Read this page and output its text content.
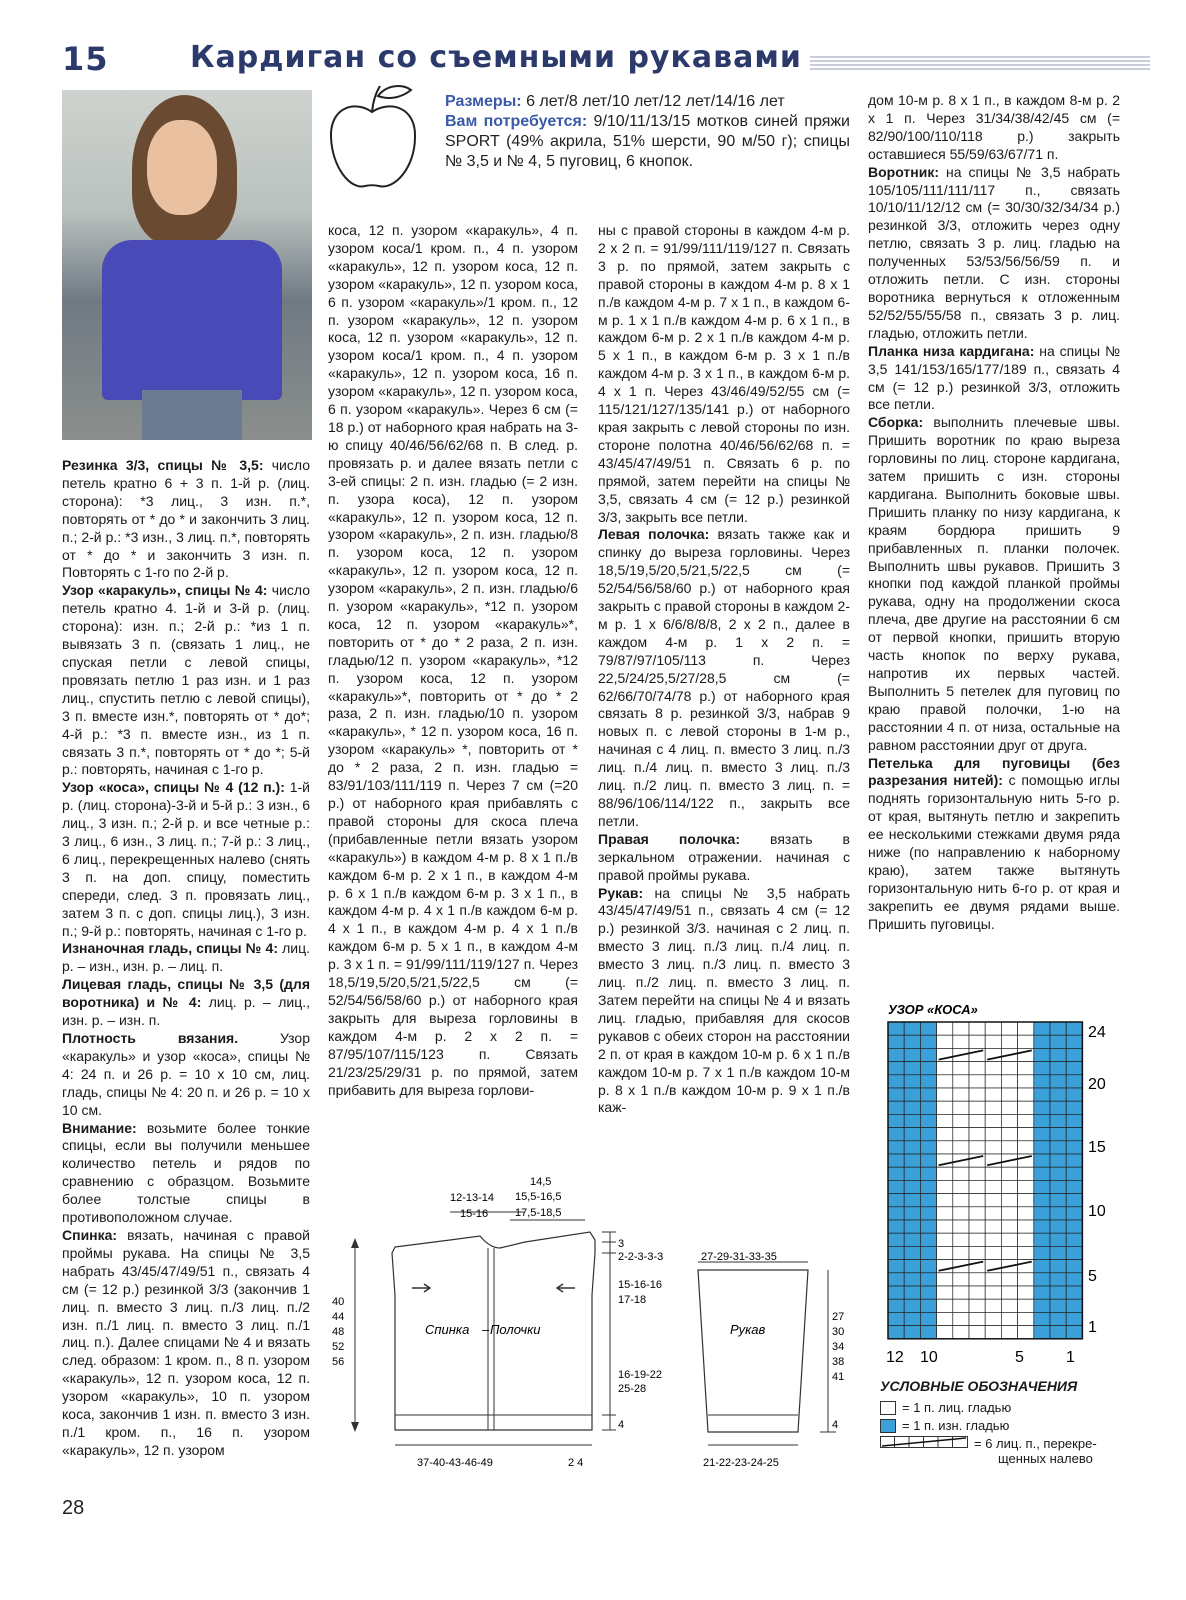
15	Кардиган со съемными рукавами
Размеры: 6 лет/8 лет/10 лет/12 лет/14/16 лет
Вам потребуется: 9/10/11/13/15 мотков синей пряжи SPORT (49% акрила, 51% шерсти, 90 м/50 г); спицы № 3,5 и № 4, 5 пуговиц, 6 кнопок.

Резинка 3/3, спицы № 3,5: число петель кратно 6 + 3 п. 1-й р. (лиц. сторона): *3 лиц., 3 изн. п.*, повторять от * до * и закончить 3 лиц. п.; 2-й р.: *3 изн., 3 лиц. п.*, повторять от * до * и закончить 3 изн. п. Повторять с 1-го по 2-й р.

Узор «каракуль», спицы № 4: число петель кратно 4. 1-й и 3-й р. (лиц. сторона): изн. п.; 2-й р.: *из 1 п. вывязать 3 п. (связать 1 лиц., не спуская петли с левой спицы, провязать петлю 1 раз изн. и 1 раз лиц., спустить петлю с левой спицы), 3 п. вместе изн.*, повторять от * до*; 4-й р.: *3 п. вместе изн., из 1 п. связать 3 п.*, повторять от * до *; 5-й р.: повторять, начиная с 1-го р.

Узор «коса», спицы № 4 (12 п.): 1-й р. (лиц. сторона)-3-й и 5-й р.: 3 изн., 6 лиц., 3 изн. п.; 2-й р. и все четные р.: 3 лиц., 6 изн., 3 лиц. п.; 7-й р.: 3 лиц., 6 лиц., перекрещенных налево (снять 3 п. на доп. спицу, поместить спереди, след. 3 п. провязать лиц., затем 3 п. с доп. спицы лиц.), 3 изн. п.; 9-й р.: повторять, начиная с 1-го р.

Изнаночная гладь, спицы № 4: лиц. р. – изн., изн. р. – лиц. п.

Лицевая гладь, спицы № 3,5 (для воротника) и № 4: лиц. р. – лиц., изн. р. – изн. п.

Плотность вязания. Узор «каракуль» и узор «коса», спицы № 4: 24 п. и 26 р. = 10 х 10 см, лиц. гладь, спицы № 4: 20 п. и 26 р. = 10 х 10 см.

Внимание: возьмите более тонкие спицы, если вы получили меньшее количество петель и рядов по сравнению с образцом. Возьмите более толстые спицы в противоположном случае.

Спинка: вязать, начиная с правой проймы рукава. На спицы № 3,5 набрать 43/45/47/49/51 п., связать 4 см (= 12 р.) резинкой 3/3 (закончив 1 лиц. п. вместо 3 лиц. п./3 лиц. п./2 изн. п./1 лиц. п. вместо 3 лиц. п./1 лиц. п.). Далее спицами № 4 и вязать след. образом: 1 кром. п., 8 п. узором «каракуль», 12 п. узором коса, 12 п. узором «каракуль», 10 п. узором коса, закончив 1 изн. п. вместо 3 изн. п./1 кром. п., 16 п. узором «каракуль», 12 п. узором

коса, 12 п. узором «каракуль», 4 п. узором коса/1 кром. п., 4 п. узором «каракуль», 12 п. узором коса, 12 п. узором «каракуль», 12 п. узором коса, 6 п. узором «каракуль»/1 кром. п., 12 п. узором «каракуль», 12 п. узором коса, 12 п. узором «каракуль», 12 п. узором коса/1 кром. п., 4 п. узором «каракуль», 12 п. узором коса, 16 п. узором «каракуль», 12 п. узором коса, 6 п. узором «каракуль». Через 6 см (= 18 р.) от наборного края набрать на 3-ю спицу 40/46/56/62/68 п. В след. р. провязать р. и далее вязать петли с 3-ей спицы: 2 п. изн. гладью (= 2 изн. п. узора коса), 12 п. узором «каракуль», 12 п. узором коса, 12 п. узором «каракуль», 2 п. изн. гладью/8 п. узором коса, 12 п. узором «каракуль», 12 п. узором коса, 12 п. узором «каракуль», 2 п. изн. гладью/6 п. узором «каракуль», *12 п. узором коса, 12 п. узором «каракуль»*, повторить от * до * 2 раза, 2 п. изн. гладью/12 п. узором «каракуль», *12 п. узором коса, 12 п. узором «каракуль»*, повторить от * до * 2 раза, 2 п. изн. гладью/10 п. узором «каракуль», * 12 п. узором коса, 16 п. узором «каракуль» *, повторить от * до * 2 раза, 2 п. изн. гладью = 83/91/103/111/119 п. Через 7 см (=20 р.) от наборного края прибавлять с правой стороны для скоса плеча (прибавленные петли вязать узором «каракуль») в каждом 4-м р. 8 х 1 п./в каждом 6-м р. 2 х 1 п., в каждом 4-м р. 6 х 1 п./в каждом 6-м р. 3 х 1 п., в каждом 4-м р. 4 х 1 п./в каждом 6-м р. 4 х 1 п., в каждом 4-м р. 4 х 1 п./в каждом 6-м р. 5 х 1 п., в каждом 4-м р. 3 х 1 п. = 91/99/111/119/127 п. Через 18,5/19,5/20,5/21,5/22,5 см (= 52/54/56/58/60 р.) от наборного края закрыть для выреза горловины в каждом 4-м р. 2 х 2 п. = 87/95/107/115/123 п. Связать 21/23/25/29/31 р. по прямой, затем прибавить для выреза горлови-

ны с правой стороны в каждом 4-м р. 2 х 2 п. = 91/99/111/119/127 п. Связать 3 р. по прямой, затем закрыть с правой стороны в каждом 4-м р. 8 х 1 п./в каждом 4-м р. 7 х 1 п., в каждом 6-м р. 1 х 1 п./в каждом 4-м р. 6 х 1 п., в каждом 6-м р. 2 х 1 п./в каждом 4-м р. 5 х 1 п., в каждом 6-м р. 3 х 1 п./в каждом 4-м р. 3 х 1 п., в каждом 6-м р. 4 х 1 п. Через 43/46/49/52/55 см (= 115/121/127/135/141 р.) от наборного края закрыть с левой стороны по изн. стороне полотна 40/46/56/62/68 п. = 43/45/47/49/51 п. Связать 6 р. по прямой, затем перейти на спицы № 3,5, связать 4 см (= 12 р.) резинкой 3/3, закрыть все петли.

Левая полочка: вязать также как и спинку до выреза горловины. Через 18,5/19,5/20,5/21,5/22,5 см (= 52/54/56/58/60 р.) от наборного края закрыть с правой стороны в каждом 2-м р. 1 х 6/6/8/8/8, 2 х 2 п., далее в каждом 4-м р. 1 х 2 п. = 79/87/97/105/113 п. Через 22,5/24/25,5/27/28,5 см (= 62/66/70/74/78 р.) от наборного края связать 8 р. резинкой 3/3, набрав 9 новых п. с левой стороны в 1-м р., начиная с 4 лиц. п. вместо 3 лиц. п./3 лиц. п./4 лиц. п. вместо 3 лиц. п./3 лиц. п./2 лиц. п. вместо 3 лиц. п. = 88/96/106/114/122 п., закрыть все петли.

Правая полочка: вязать в зеркальном отражении. начиная с правой проймы рукава.

Рукав: на спицы № 3,5 набрать 43/45/47/49/51 п., связать 4 см (= 12 р.) резинкой 3/3. начиная с 2 лиц. п. вместо 3 лиц. п./3 лиц. п./4 лиц. п. вместо 3 лиц. п./3 лиц. п. вместо 3 лиц. п./2 лиц. п. вместо 3 лиц. п. Затем перейти на спицы № 4 и вязать лиц. гладью, прибавляя для скосов рукавов с обеих сторон на расстоянии 2 п. от края в каждом 10-м р. 6 х 1 п./в каждом 10-м р. 7 х 1 п./в каждом 10-м р. 8 х 1 п./в каждом 10-м р. 9 х 1 п./в каж-

дом 10-м р. 8 х 1 п., в каждом 8-м р. 2 х 1 п. Через 31/34/38/42/45 см (= 82/90/100/110/118 р.) закрыть оставшиеся 55/59/63/67/71 п.

Воротник: на спицы № 3,5 набрать 105/105/111/111/117 п., связать 10/10/11/12/12 см (= 30/30/32/34/34 р.) резинкой 3/3, отложить через одну петлю, связать 3 р. лиц. гладью на полученных 53/53/56/56/59 п. и отложить петли. С изн. стороны воротника вернуться к отложенным 52/52/55/55/58 п., связать 3 р. лиц. гладью, отложить петли.

Планка низа кардигана: на спицы № 3,5 141/153/165/177/189 п., связать 4 см (= 12 р.) резинкой 3/3, отложить все петли.

Сборка: выполнить плечевые швы. Пришить воротник по краю выреза горловины по лиц. стороне кардигана, затем пришить с изн. стороны кардигана. Выполнить боковые швы. Пришить планку по низу кардигана, к краям бордюра пришить 9 прибавленных п. планки полочек. Выполнить швы рукавов. Пришить 3 кнопки под каждой планкой проймы рукава, одну на продолжении скоса плеча, две другие на расстоянии 6 см от первой кнопки, пришить вторую часть кнопок по верху рукава, напротив их первых частей. Выполнить 5 петелек для пуговиц по краю правой полочки, 1-ю на расстоянии 4 п. от низа, остальные на равном расстоянии друг от друга.

Петелька для пуговицы (без разрезания нитей): с помощью иглы поднять горизонтальную нить 5-го р. от края, вытянуть петлю и закрепить ее несколькими стежками двумя ряда ниже (по направлению к наборному краю), затем также вытянуть горизонтальную нить 6-го р. от края и закрепить ее двумя рядами выше. Пришить пуговицы.

УЗОР «КОСА»
24
20
15
10
5
1
12 10	5	1
УСЛОВНЫЕ ОБОЗНАЧЕНИЯ
= 1 п. лиц. гладью
= 1 п. изн. гладью
= 6 лиц. п., перекре-
щенных налево
12-13-14
15-16
14,5
15,5-16,5
17,5-18,5
3
2-2-3-3-3
15-16-16
17-18
16-19-22
25-28
4
40
44
48
52
56
Спинка – Полочки
37-40-43-46-49	2 4
27-29-31-33-35
Рукав
27
30
34
38
41
4
21-22-23-24-25
28
